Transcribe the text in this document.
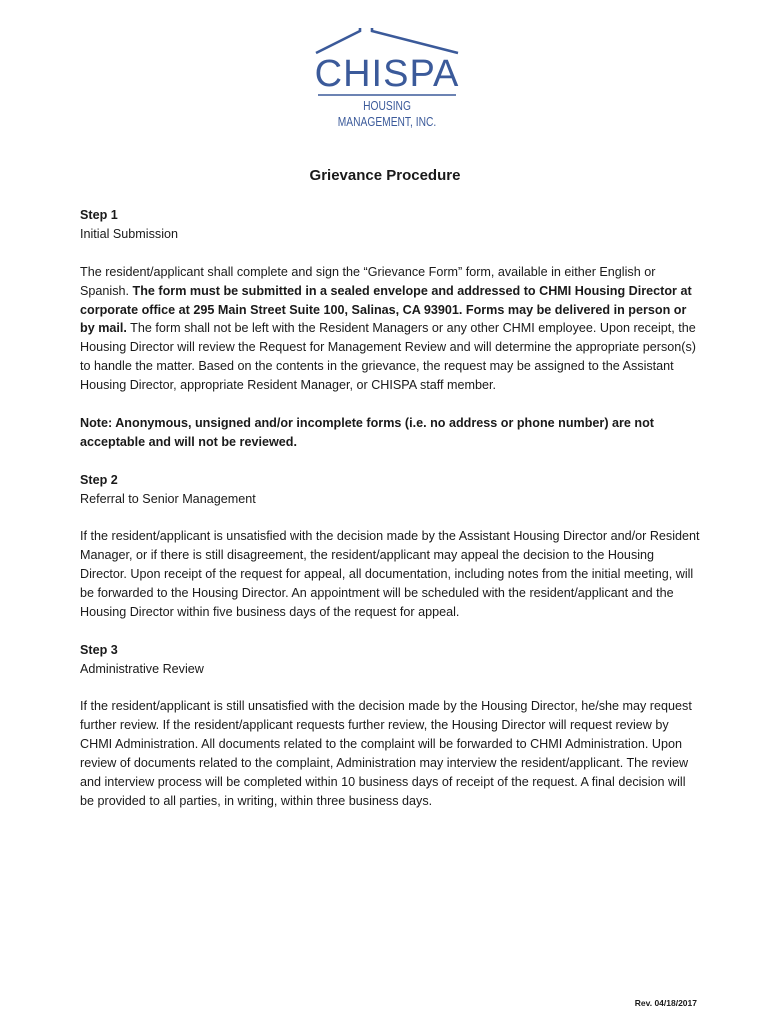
CHISPA
HOUSING MANAGEMENT, INC.
Grievance Procedure

Step 1

Initial Submission

The resident/applicant shall complete and sign the “Grievance Form” form, available in either English or Spanish. The form must be submitted in a sealed envelope and addressed to CHMI Housing Director at corporate office at 295 Main Street Suite 100, Salinas, CA 93901. Forms may be delivered in person or by mail. The form shall not be left with the Resident Managers or any other CHMI employee. Upon receipt, the Housing Director will review the Request for Management Review and will determine the appropriate person(s) to handle the matter. Based on the contents in the grievance, the request may be assigned to the Assistant Housing Director, appropriate Resident Manager, or CHISPA staff member.

Note: Anonymous, unsigned and/or incomplete forms (i.e. no address or phone number) are not acceptable and will not be reviewed.

Step 2

Referral to Senior Management

If the resident/applicant is unsatisfied with the decision made by the Assistant Housing Director and/or Resident Manager, or if there is still disagreement, the resident/applicant may appeal the decision to the Housing Director. Upon receipt of the request for appeal, all documentation, including notes from the initial meeting, will be forwarded to the Housing Director. An appointment will be scheduled with the resident/applicant and the Housing Director within five business days of the request for appeal.

Step 3

Administrative Review

If the resident/applicant is still unsatisfied with the decision made by the Housing Director, he/she may request further review. If the resident/applicant requests further review, the Housing Director will request review by CHMI Administration. All documents related to the complaint will be forwarded to CHMI Administration. Upon review of documents related to the complaint, Administration may interview the resident/applicant. The review and interview process will be completed within 10 business days of receipt of the request. A final decision will be provided to all parties, in writing, within three business days.

Rev. 04/18/2017
